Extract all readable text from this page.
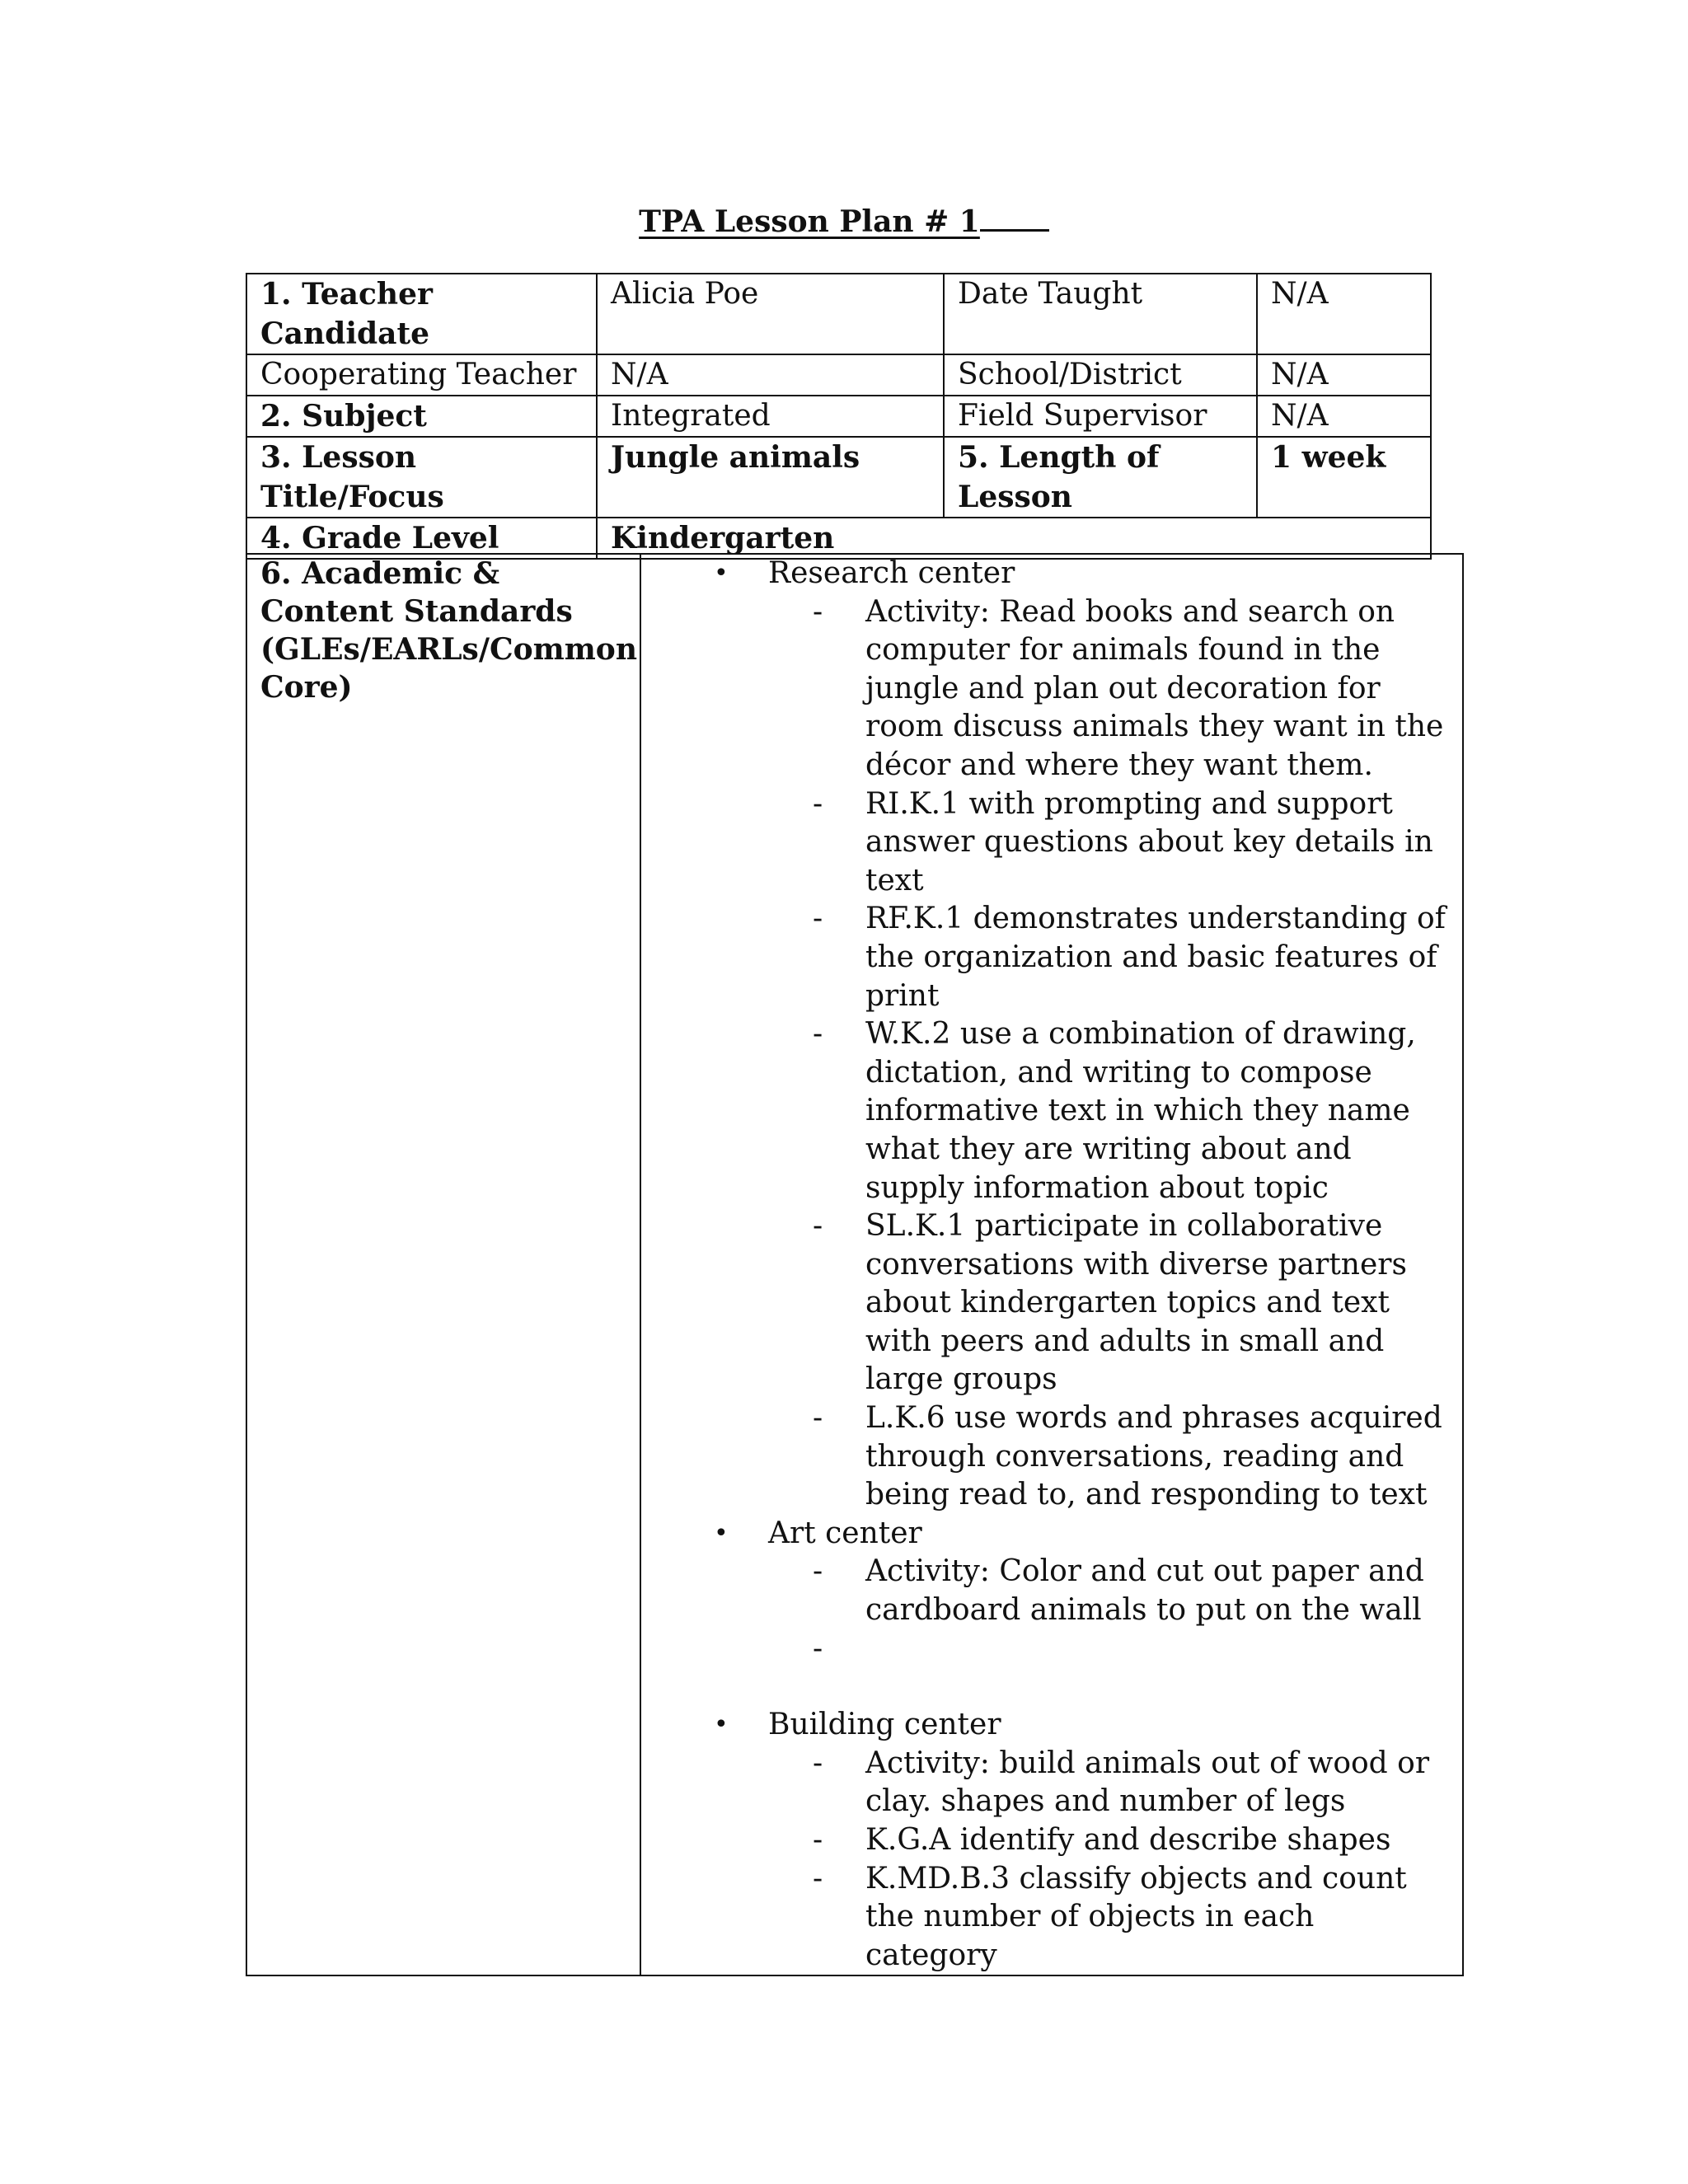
TPA Lesson Plan # 1
1. Teacher Candidate	Alicia Poe	Date Taught	N/A
Cooperating Teacher	N/A	School/District	N/A
2. Subject	Integrated	Field Supervisor	N/A
3. Lesson Title/Focus	Jungle animals	5. Length of Lesson	1 week
4. Grade Level	Kindergarten		
6. Academic & Content Standards (GLEs/EARLs/Common Core)	
• Research center
-	Activity: Read books and search on computer for animals found in the jungle and plan out decoration for room discuss animals they want in the décor and where they want them.
-	RI.K.1 with prompting and support answer questions about key details in text
-	RF.K.1 demonstrates understanding of the organization and basic features of print
-	W.K.2 use a combination of drawing, dictation, and writing to compose informative text in which they name what they are writing about and supply information about topic
-	SL.K.1 participate in collaborative conversations with diverse partners about kindergarten topics and text with peers and adults in small and large groups
-	L.K.6 use words and phrases acquired through conversations, reading and being read to, and responding to text
• Art center
-	Activity: Color and cut out paper and cardboard animals to put on the wall
-
• Building center
-	Activity: build animals out of wood or clay. shapes and number of legs
-	K.G.A identify and describe shapes
-	K.MD.B.3 classify objects and count the number of objects in each category
